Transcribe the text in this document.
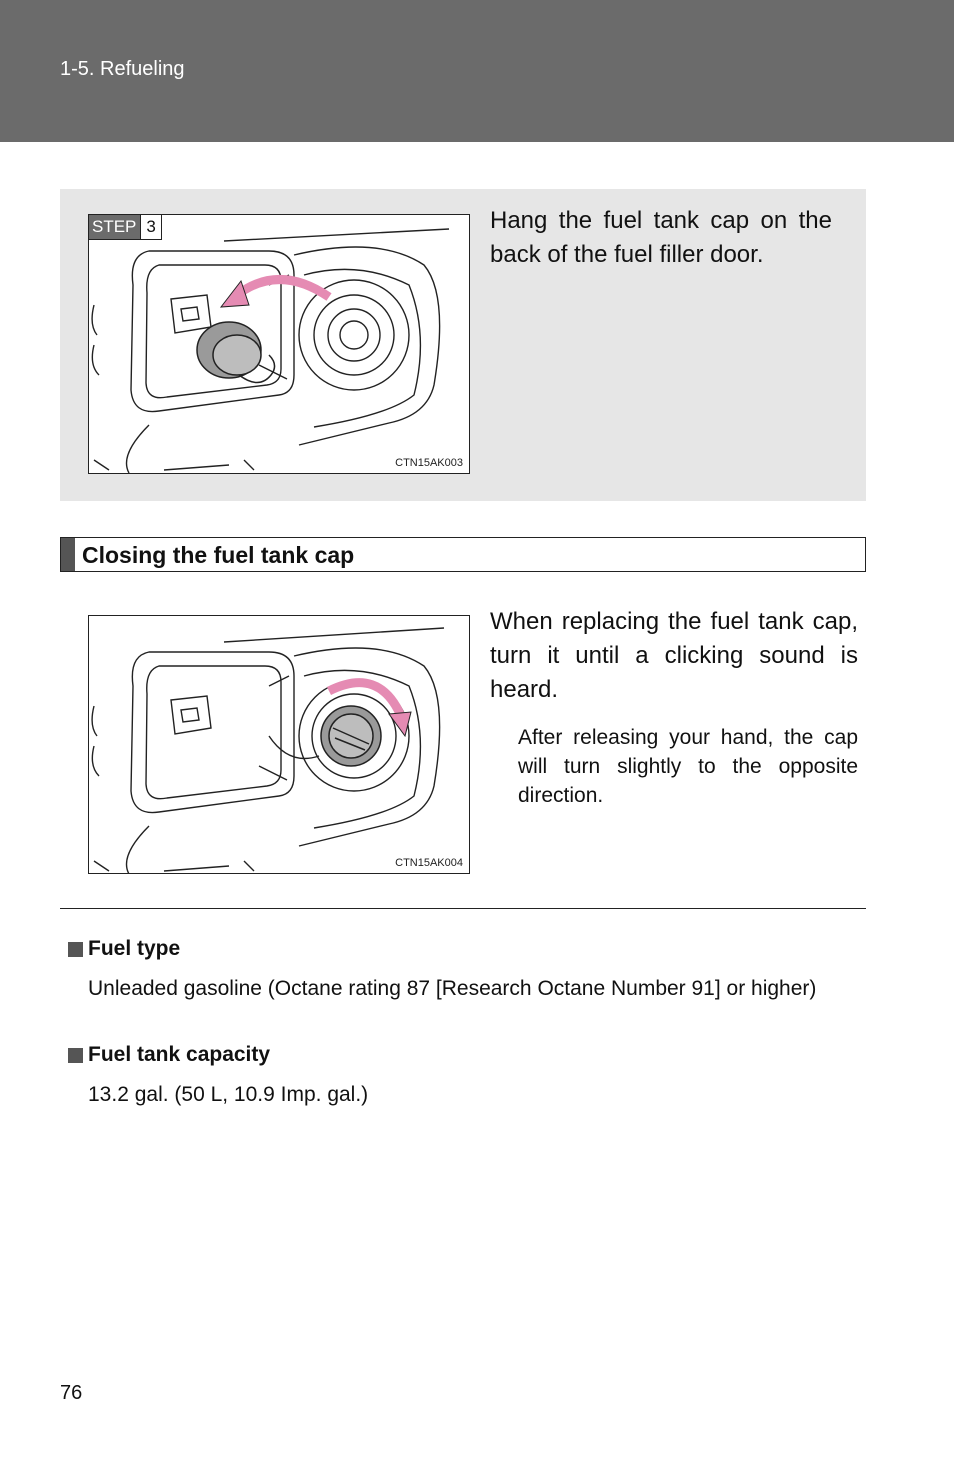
1-5. Refueling
STEP 3
CTN15AK003
Hang the fuel tank cap on the back of the fuel filler door.
Closing the fuel tank cap
CTN15AK004
When replacing the fuel tank cap, turn it until a clicking sound is heard.
After releasing your hand, the cap will turn slightly to the opposite direction.
Fuel type
Unleaded gasoline (Octane rating 87 [Research Octane Number 91] or higher)
Fuel tank capacity
13.2 gal. (50 L, 10.9 Imp. gal.)
76
